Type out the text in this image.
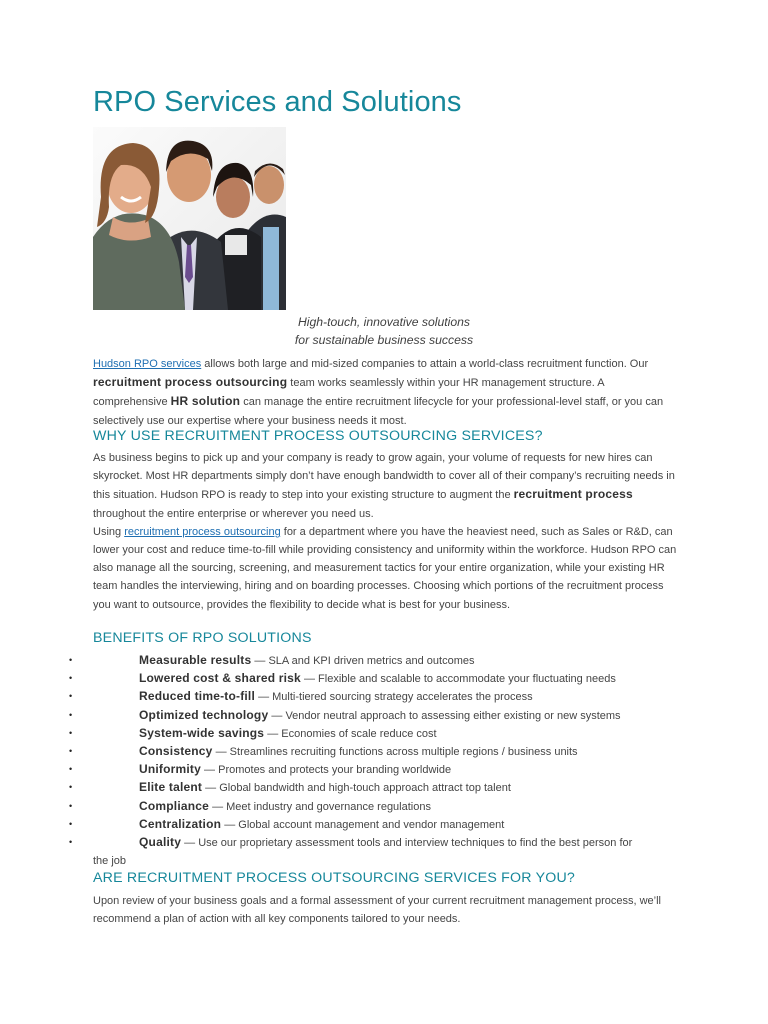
RPO Services and Solutions
High-touch, innovative solutions
for sustainable business success
Hudson RPO services allows both large and mid-sized companies to attain a world-class recruitment function. Our recruitment process outsourcing team works seamlessly within your HR management structure. A comprehensive HR solution can manage the entire recruitment lifecycle for your professional-level staff, or you can selectively use our expertise where your business needs it most.
WHY USE RECRUITMENT PROCESS OUTSOURCING SERVICES?
As business begins to pick up and your company is ready to grow again, your volume of requests for new hires can skyrocket. Most HR departments simply don’t have enough bandwidth to cover all of their company’s recruiting needs in this situation. Hudson RPO is ready to step into your existing structure to augment the recruitment process throughout the entire enterprise or wherever you need us.
Using recruitment process outsourcing for a department where you have the heaviest need, such as Sales or R&D, can lower your cost and reduce time-to-fill while providing consistency and uniformity within the workforce. Hudson RPO can also manage all the sourcing, screening, and measurement tactics for your entire organization, while your existing HR team handles the interviewing, hiring and on boarding processes. Choosing which portions of the recruitment process you want to outsource, provides the flexibility to decide what is best for your business.
BENEFITS OF RPO SOLUTIONS
•	Measurable results — SLA and KPI driven metrics and outcomes
•	Lowered cost & shared risk — Flexible and scalable to accommodate your fluctuating needs
•	Reduced time-to-fill — Multi-tiered sourcing strategy accelerates the process
•	Optimized technology — Vendor neutral approach to assessing either existing or new systems
•	System-wide savings — Economies of scale reduce cost
•	Consistency — Streamlines recruiting functions across multiple regions / business units
•	Uniformity — Promotes and protects your branding worldwide
•	Elite talent — Global bandwidth and high-touch approach attract top talent
•	Compliance — Meet industry and governance regulations
•	Centralization — Global account management and vendor management
•	Quality — Use our proprietary assessment tools and interview techniques to find the best person for
the job
ARE RECRUITMENT PROCESS OUTSOURCING SERVICES FOR YOU?
Upon review of your business goals and a formal assessment of your current recruitment management process, we’ll recommend a plan of action with all key components tailored to your needs.
